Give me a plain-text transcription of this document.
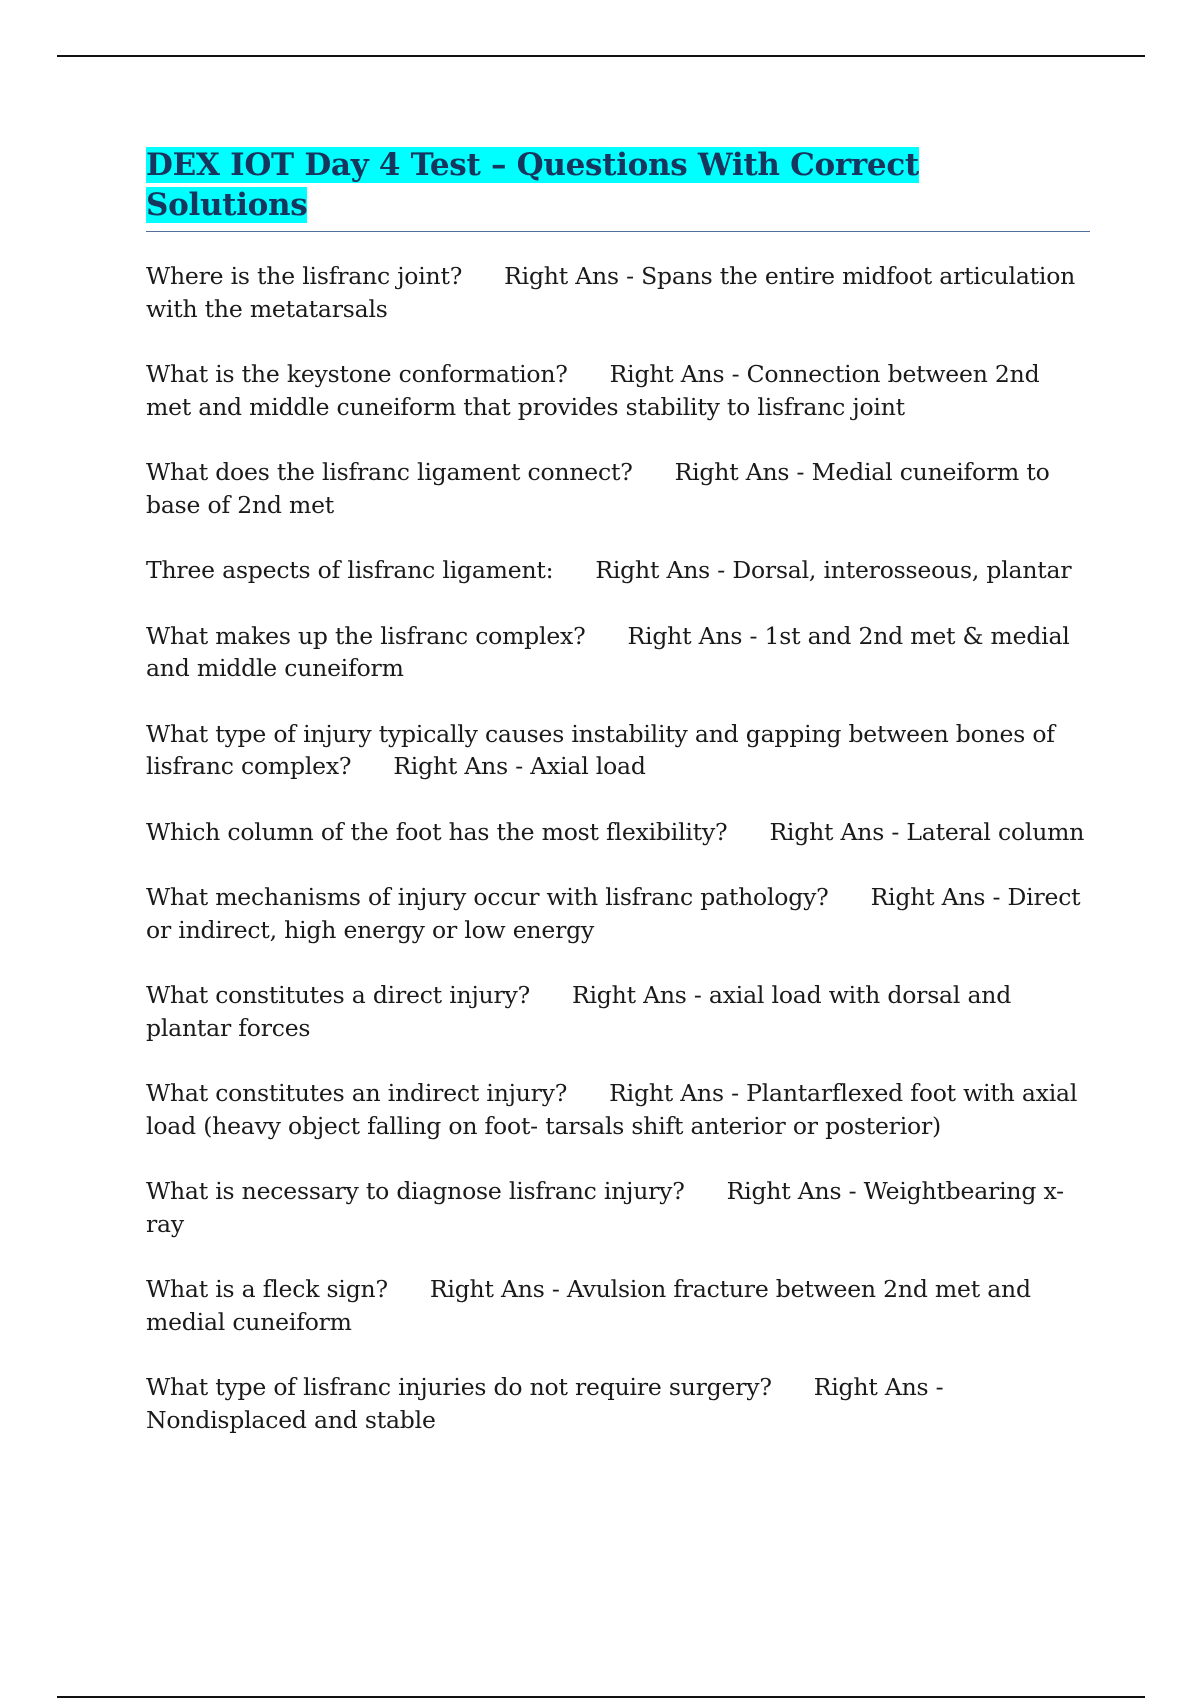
DEX IOT Day 4 Test – Questions With Correct Solutions

Where is the lisfranc joint? Right Ans - Spans the entire midfoot articulation with the metatarsals

What is the keystone conformation? Right Ans - Connection between 2nd met and middle cuneiform that provides stability to lisfranc joint

What does the lisfranc ligament connect? Right Ans - Medial cuneiform to base of 2nd met

Three aspects of lisfranc ligament: Right Ans - Dorsal, interosseous, plantar

What makes up the lisfranc complex? Right Ans - 1st and 2nd met & medial and middle cuneiform

What type of injury typically causes instability and gapping between bones of lisfranc complex? Right Ans - Axial load

Which column of the foot has the most flexibility? Right Ans - Lateral column

What mechanisms of injury occur with lisfranc pathology? Right Ans - Direct or indirect, high energy or low energy

What constitutes a direct injury? Right Ans - axial load with dorsal and plantar forces

What constitutes an indirect injury? Right Ans - Plantarflexed foot with axial load (heavy object falling on foot- tarsals shift anterior or posterior)

What is necessary to diagnose lisfranc injury? Right Ans - Weightbearing x-ray

What is a fleck sign? Right Ans - Avulsion fracture between 2nd met and medial cuneiform

What type of lisfranc injuries do not require surgery? Right Ans - Nondisplaced and stable
